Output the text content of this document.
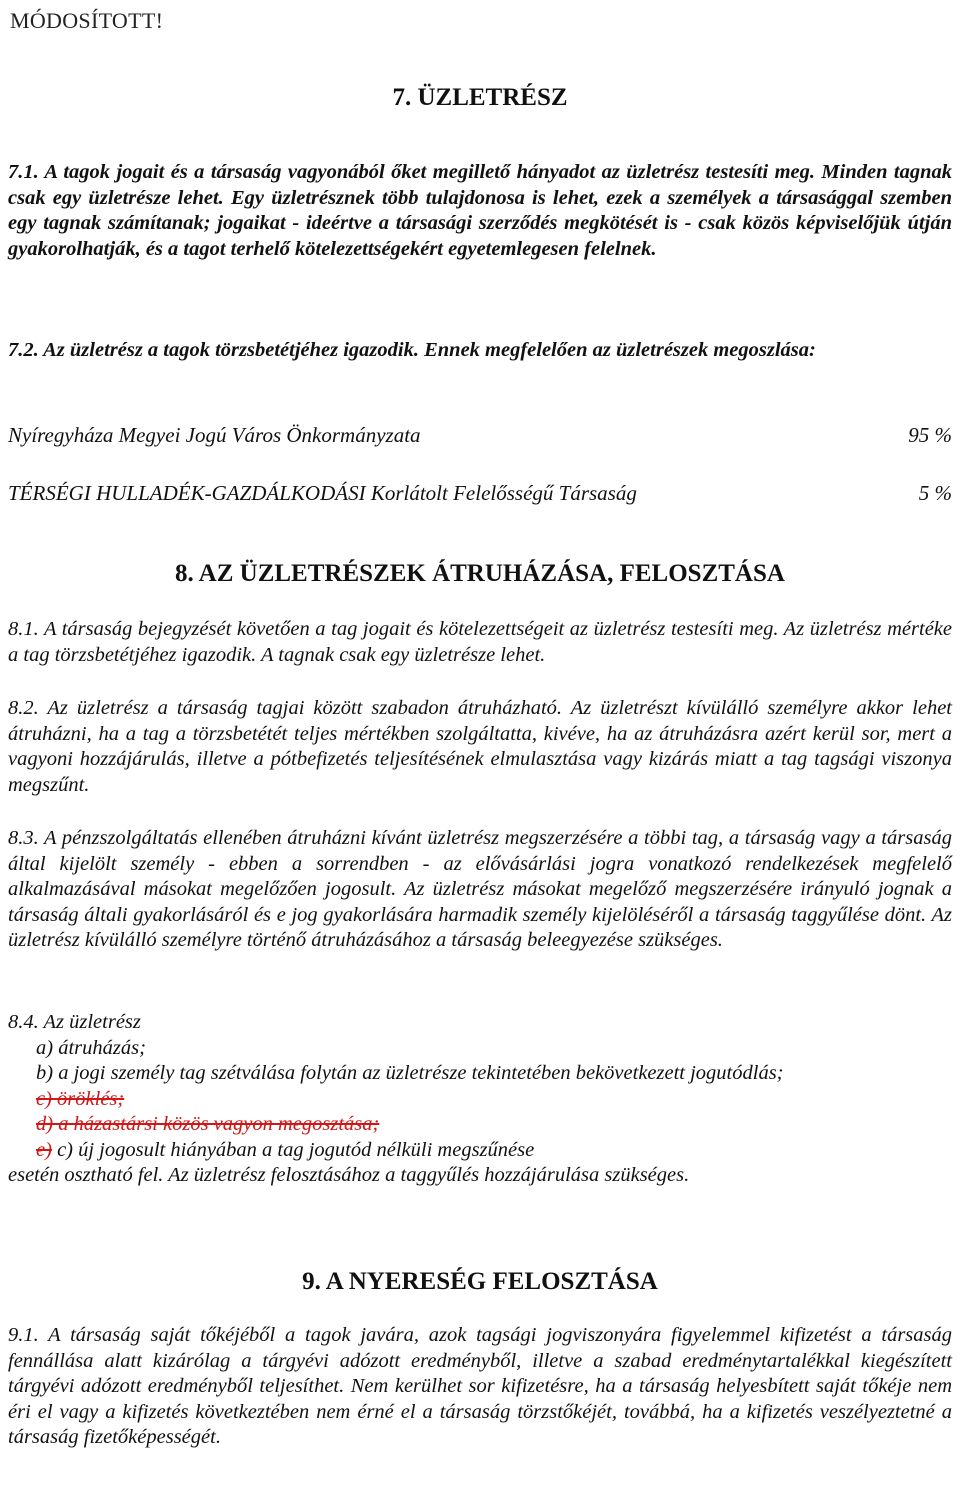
MÓDOSÍTOTT!
7. ÜZLETRÉSZ
7.1. A tagok jogait és a társaság vagyonából őket megillető hányadot az üzletrész testesíti meg. Minden tagnak csak egy üzletrésze lehet. Egy üzletrésznek több tulajdonosa is lehet, ezek a személyek a társasággal szemben egy tagnak számítanak; jogaikat - ideértve a társasági szerződés megkötését is - csak közös képviselőjük útján gyakorolhatják, és a tagot terhelő kötelezettségekért egyetemlegesen felelnek.
7.2. Az üzletrész a tagok törzsbetétjéhez igazodik. Ennek megfelelően az üzletrészek megoszlása:
Nyíregyháza Megyei Jogú Város Önkormányzata	95 %
TÉRSÉGI HULLADÉK-GAZDÁLKODÁSI Korlátolt Felelősségű Társaság	5 %
8. AZ ÜZLETRÉSZEK ÁTRUHÁZÁSA, FELOSZTÁSA
8.1. A társaság bejegyzését követően a tag jogait és kötelezettségeit az üzletrész testesíti meg. Az üzletrész mértéke a tag törzsbetétjéhez igazodik. A tagnak csak egy üzletrésze lehet.
8.2. Az üzletrész a társaság tagjai között szabadon átruházható. Az üzletrészt kívülálló személyre akkor lehet átruházni, ha a tag a törzsbetétét teljes mértékben szolgáltatta, kivéve, ha az átruházásra azért kerül sor, mert a vagyoni hozzájárulás, illetve a pótbefizetés teljesítésének elmulasztása vagy kizárás miatt a tag tagsági viszonya megszűnt.
8.3. A pénzszolgáltatás ellenében átruházni kívánt üzletrész megszerzésére a többi tag, a társaság vagy a társaság által kijelölt személy - ebben a sorrendben - az elővásárlási jogra vonatkozó rendelkezések megfelelő alkalmazásával másokat megelőzően jogosult. Az üzletrész másokat megelőző megszerzésére irányuló jognak a társaság általi gyakorlásáról és e jog gyakorlására harmadik személy kijelöléséről a társaság taggyűlése dönt. Az üzletrész kívülálló személyre történő átruházásához a társaság beleegyezése szükséges.
8.4. Az üzletrész
a) átruházás;
b) a jogi személy tag szétválása folytán az üzletrésze tekintetében bekövetkezett jogutódlás;
c) öröklés;
d) a házastársi közös vagyon megosztása;
e) c) új jogosult hiányában a tag jogutód nélküli megszűnése
esetén osztható fel. Az üzletrész felosztásához a taggyűlés hozzájárulása szükséges.
9. A NYERESÉG FELOSZTÁSA
9.1. A társaság saját tőkéjéből a tagok javára, azok tagsági jogviszonyára figyelemmel kifizetést a társaság fennállása alatt kizárólag a tárgyévi adózott eredményből, illetve a szabad eredménytartalékkal kiegészített tárgyévi adózott eredményből teljesíthet. Nem kerülhet sor kifizetésre, ha a társaság helyesbített saját tőkéje nem éri el vagy a kifizetés következtében nem érné el a társaság törzstőkéjét, továbbá, ha a kifizetés veszélyeztetné a társaság fizetőképességét.
